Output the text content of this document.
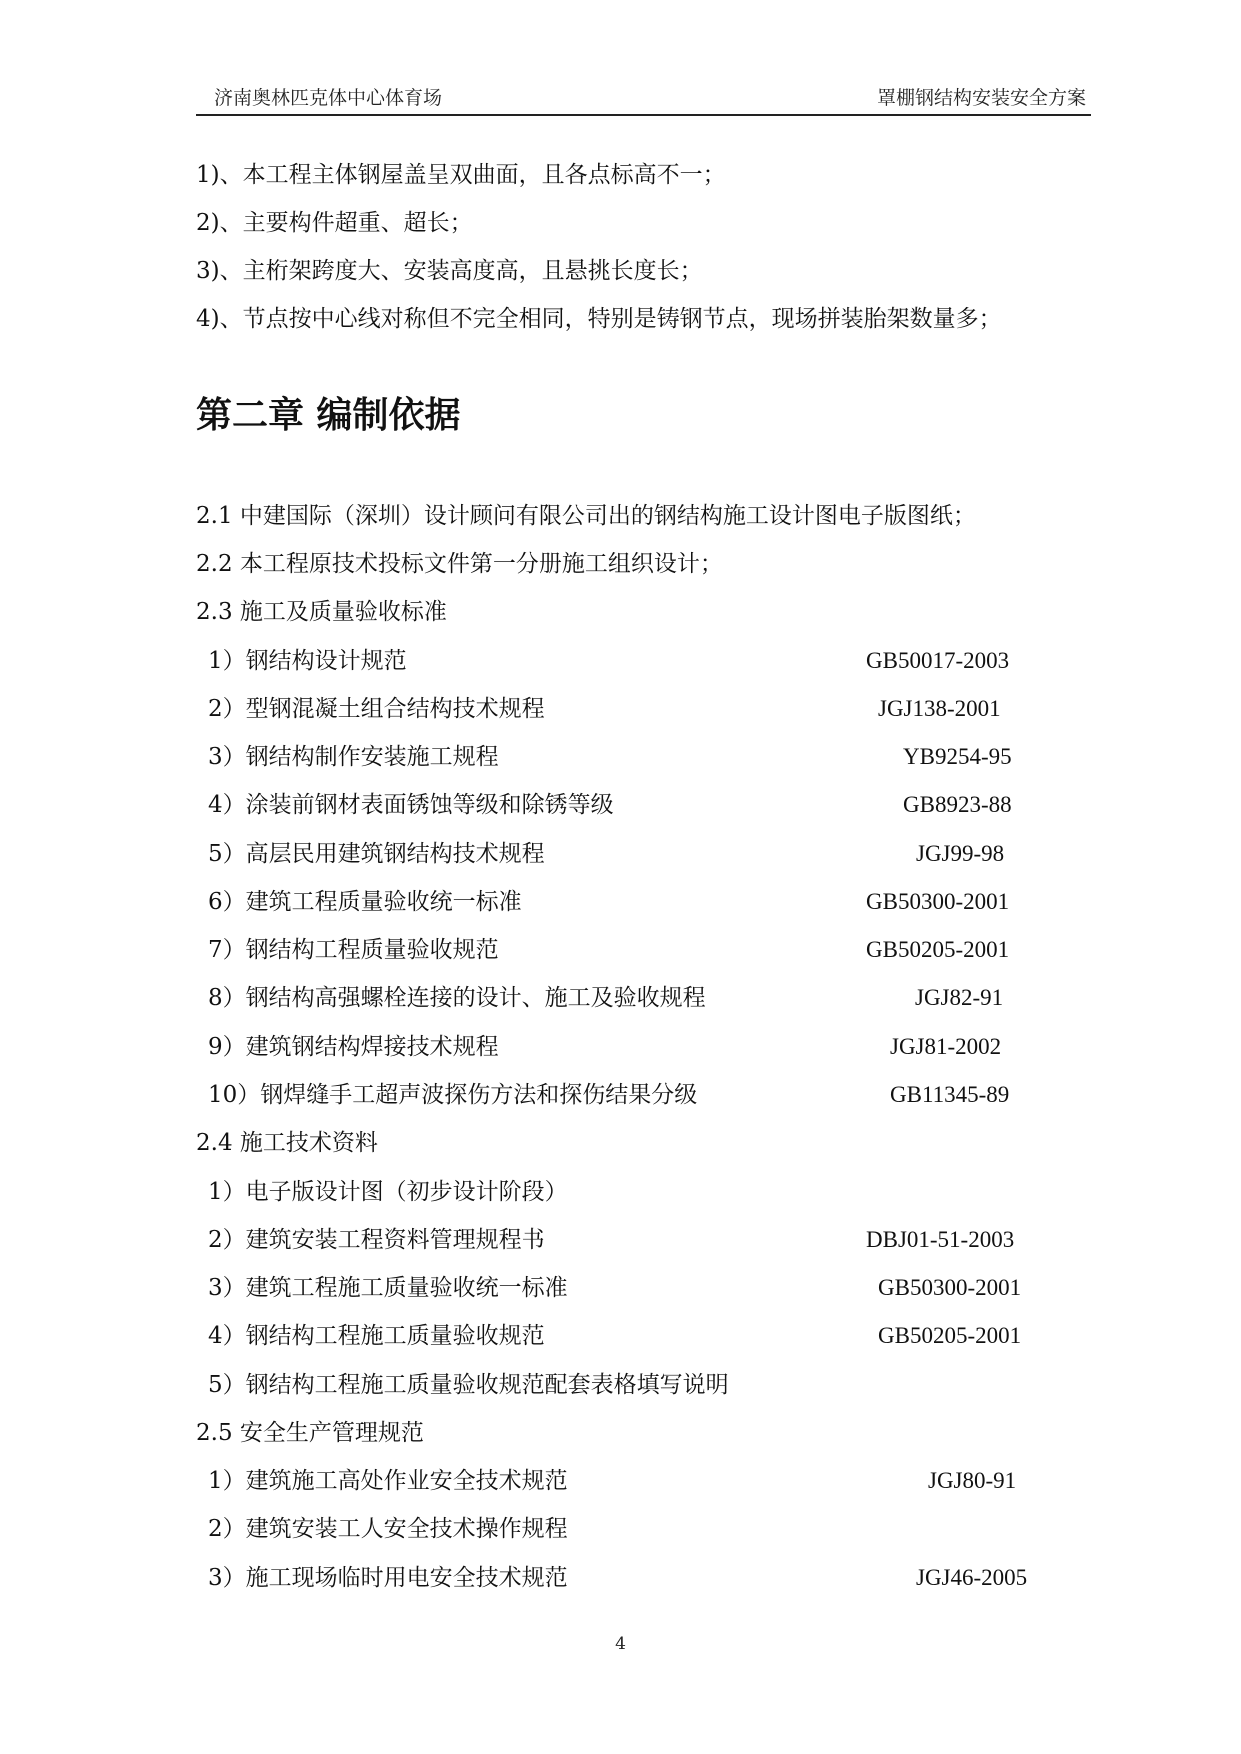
济南奥林匹克体中心体育场	罩棚钢结构安装安全方案
1)、本工程主体钢屋盖呈双曲面，且各点标高不一；
2)、主要构件超重、超长；
3)、主桁架跨度大、安装高度高，且悬挑长度长；
4)、节点按中心线对称但不完全相同，特别是铸钢节点，现场拼装胎架数量多；
第二章 编制依据
2.1 中建国际（深圳）设计顾问有限公司出的钢结构施工设计图电子版图纸；
2.2 本工程原技术投标文件第一分册施工组织设计；
2.3 施工及质量验收标准
1）钢结构设计规范	GB50017-2003
2）型钢混凝土组合结构技术规程	JGJ138-2001
3）钢结构制作安装施工规程	YB9254-95
4）涂装前钢材表面锈蚀等级和除锈等级	GB8923-88
5）高层民用建筑钢结构技术规程	JGJ99-98
6）建筑工程质量验收统一标准	GB50300-2001
7）钢结构工程质量验收规范	GB50205-2001
8）钢结构高强螺栓连接的设计、施工及验收规程	JGJ82-91
9）建筑钢结构焊接技术规程	JGJ81-2002
10）钢焊缝手工超声波探伤方法和探伤结果分级	GB11345-89
2.4 施工技术资料
1）电子版设计图（初步设计阶段）
2）建筑安装工程资料管理规程书	DBJ01-51-2003
3）建筑工程施工质量验收统一标准	GB50300-2001
4）钢结构工程施工质量验收规范	GB50205-2001
5）钢结构工程施工质量验收规范配套表格填写说明
2.5 安全生产管理规范
1）建筑施工高处作业安全技术规范	JGJ80-91
2）建筑安装工人安全技术操作规程
3）施工现场临时用电安全技术规范	JGJ46-2005
4
